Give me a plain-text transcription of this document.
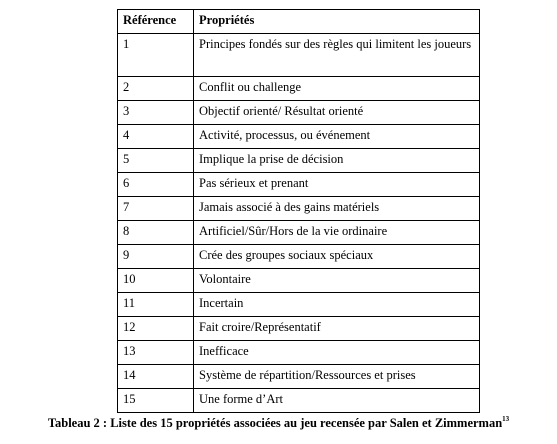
Référence	Propriétés
1	Principes fondés sur des règles qui limitent les joueurs
2	Conflit ou challenge
3	Objectif orienté/ Résultat orienté
4	Activité, processus, ou événement
5	Implique la prise de décision
6	Pas sérieux et prenant
7	Jamais associé à des gains matériels
8	Artificiel/Sûr/Hors de la vie ordinaire
9	Crée des groupes sociaux spéciaux
10	Volontaire
11	Incertain
12	Fait croire/Représentatif
13	Inefficace
14	Système de répartition/Ressources et prises
15	Une forme d’Art
Tableau 2 : Liste des 15 propriétés associées au jeu recensée par Salen et Zimmerman$^{13}$
